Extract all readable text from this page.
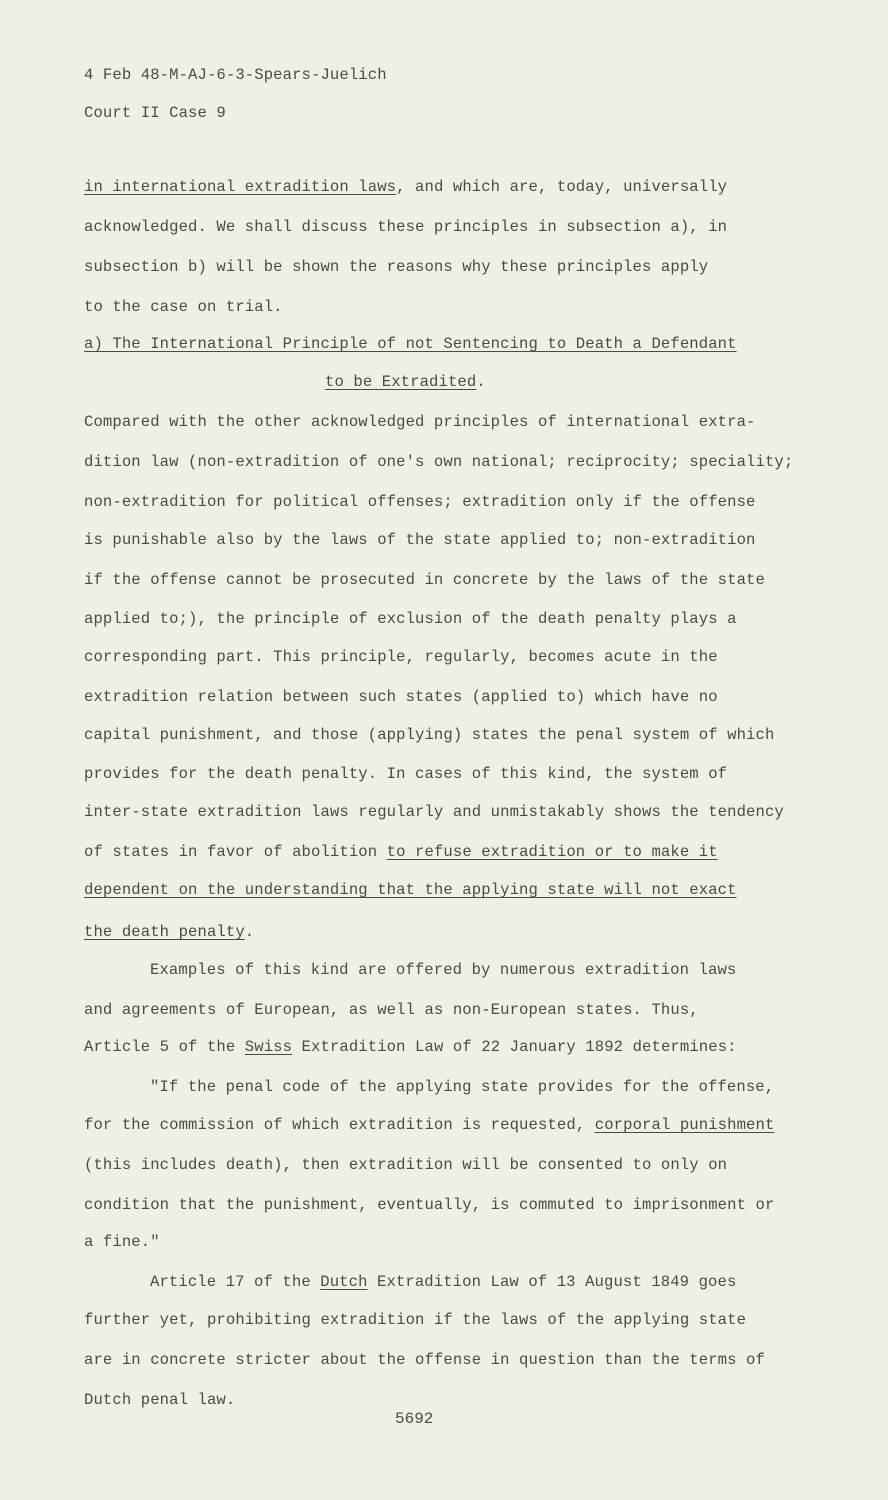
4 Feb 48-M-AJ-6-3-Spears-Juelich
Court II Case 9
in international extradition laws, and which are, today, universally
acknowledged. We shall discuss these principles in subsection a), in
subsection b) will be shown the reasons why these principles apply
to the case on trial.
a) The International Principle of not Sentencing to Death a Defendant
to be Extradited.
Compared with the other acknowledged principles of international extra-
dition law (non-extradition of one's own national; reciprocity; speciality;
non-extradition for political offenses; extradition only if the offense
is punishable also by the laws of the state applied to; non-extradition
if the offense cannot be prosecuted in concrete by the laws of the state
applied to;), the principle of exclusion of the death penalty plays a
corresponding part. This principle, regularly, becomes acute in the
extradition relation between such states (applied to) which have no
capital punishment, and those (applying) states the penal system of which
provides for the death penalty. In cases of this kind, the system of
inter-state extradition laws regularly and unmistakably shows the tendency
of states in favor of abolition to refuse extradition or to make it
dependent on the understanding that the applying state will not exact
the death penalty.
Examples of this kind are offered by numerous extradition laws
and agreements of European, as well as non-European states. Thus,
Article 5 of the Swiss Extradition Law of 22 January 1892 determines:
"If the penal code of the applying state provides for the offense,
for the commission of which extradition is requested, corporal punishment
(this includes death), then extradition will be consented to only on
condition that the punishment, eventually, is commuted to imprisonment or
a fine."
Article 17 of the Dutch Extradition Law of 13 August 1849 goes
further yet, prohibiting extradition if the laws of the applying state
are in concrete stricter about the offense in question than the terms of
Dutch penal law.
5692
